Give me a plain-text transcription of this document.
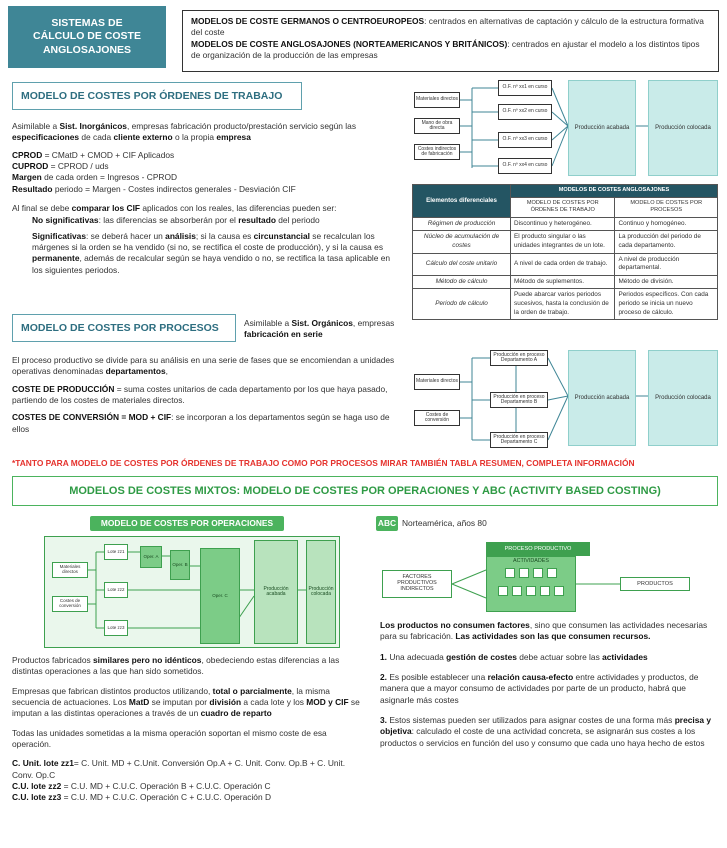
SISTEMAS DE
CÁLCULO DE COSTE
ANGLOSAJONES
MODELOS DE COSTE GERMANOS O CENTROEUROPEOS: centrados en alternativas de captación y cálculo de la estructura formativa del coste
MODELOS DE COSTE ANGLOSAJONES (NORTEAMERICANOS Y BRITÁNICOS): centrados en ajustar el modelo a los distintos tipos de organización de la producción de las empresas
MODELO DE COSTES POR ÓRDENES DE TRABAJO

Asimilable a Sist. Inorgánicos, empresas fabricación producto/prestación servicio según las especificaciones de cada cliente externo o la propia empresa

CPROD = CMatD + CMOD + CIF Aplicados
CUPROD = CPROD / uds
Margen de cada orden = Ingresos - CPROD
Resultado periodo = Margen - Costes indirectos generales - Desviación CIF

Al final se debe comparar los CIF aplicados con los reales, las diferencias pueden ser:

No significativas: las diferencias se absorberán por el resultado del periodo

Significativas: se deberá hacer un análisis; si la causa es circunstancial se recalculan los márgenes si la orden se ha vendido (si no, se rectifica el coste de producción), y si la causa es permanente, además de recalcular según se haya vendido o no, se rectifica la tasa aplicable en los siguientes periodos.

Materiales directos
Mano de obra directa
Costes indirectos de fabricación
O.F. nº xx1 en curso
O.F. nº xx2 en curso
O.F. nº xx3 en curso
O.F. nº xx4 en curso
Producción acabada	Producción colocada
Elementos diferenciales	MODELOS DE COSTES ANGLOSAJONES	
	MODELO DE COSTES POR ÓRDENES DE TRABAJO	MODELO DE COSTES POR PROCESOS
Régimen de producción	Discontinuo y heterogéneo.	Continuo y homogéneo.
Núcleo de acumulación de costes	El producto singular o las unidades integrantes de un lote.	La producción del periodo de cada departamento.
Cálculo del coste unitario	A nivel de cada orden de trabajo.	A nivel de producción departamental.
Método de cálculo	Método de suplementos.	Método de división.
Periodo de cálculo	Puede abarcar varios periodos sucesivos, hasta la conclusión de la orden de trabajo.	Periodos específicos. Con cada periodo se inicia un nuevo proceso de cálculo.
MODELO DE COSTES POR PROCESOS	Asimilable a Sist. Orgánicos, empresas fabricación en serie

El proceso productivo se divide para su análisis en una serie de fases que se encomiendan a unidades operativas denominadas departamentos,

COSTE DE PRODUCCIÓN = suma costes unitarios de cada departamento por los que haya pasado, partiendo de los costes de materiales directos.

COSTES DE CONVERSIÓN = MOD + CIF: se incorporan a los departamentos según se haga uso de ellos

Materiales directos
Costes de conversión
Producción en proceso Departamento A
Producción en proceso Departamento B
Producción en proceso Departamento C
Producción acabada	Producción colocada
*TANTO PARA MODELO DE COSTES POR ÓRDENES DE TRABAJO COMO POR PROCESOS MIRAR TAMBIÉN TABLA RESUMEN, COMPLETA INFORMACIÓN
MODELOS DE COSTES MIXTOS: MODELO DE COSTES POR OPERACIONES Y ABC (ACTIVITY BASED COSTING)
MODELO DE COSTES POR OPERACIONES
Materiales directos
Costes de conversión
Lote zz1
Lote zz2
Lote zz3
Oper. A
Oper. B
Oper. C
Producción acabada
Producción colocada

Productos fabricados similares pero no idénticos, obedeciendo estas diferencias a las distintas operaciones a las que han sido sometidos.

Empresas que fabrican distintos productos utilizando, total o parcialmente, la misma secuencia de actuaciones. Los MatD se imputan por división a cada lote y los MOD y CIF se imputan a las distintas operaciones a través de un cuadro de reparto

Todas las unidades sometidas a la misma operación soportan el mismo coste de esa operación.

C. Unit. lote zz1= C. Unit. MD + C.Unit. Conversión Op.A + C. Unit. Conv. Op.B + C. Unit. Conv. Op.C
C.U. lote zz2 = C.U. MD + C.U.C. Operación B + C.U.C. Operación C
C.U. lote zz3 = C.U. MD + C.U.C. Operación C + C.U.C. Operación D
ABC Norteamérica, años 80
FACTORES PRODUCTIVOS INDIRECTOS
PROCESO PRODUCTIVO
ACTIVIDADES
PRODUCTOS

Los productos no consumen factores, sino que consumen las actividades necesarias para su fabricación. Las actividades son las que consumen recursos.

1. Una adecuada gestión de costes debe actuar sobre las actividades

2. Es posible establecer una relación causa-efecto entre actividades y productos, de manera que a mayor consumo de actividades por parte de un producto, habrá que asignarle más costes

3. Estos sistemas pueden ser utilizados para asignar costes de una forma más precisa y objetiva: calculado el coste de una actividad concreta, se asignarán sus costes a los productos o servicios en función del uso y consumo que cada uno haya hecho de estos
